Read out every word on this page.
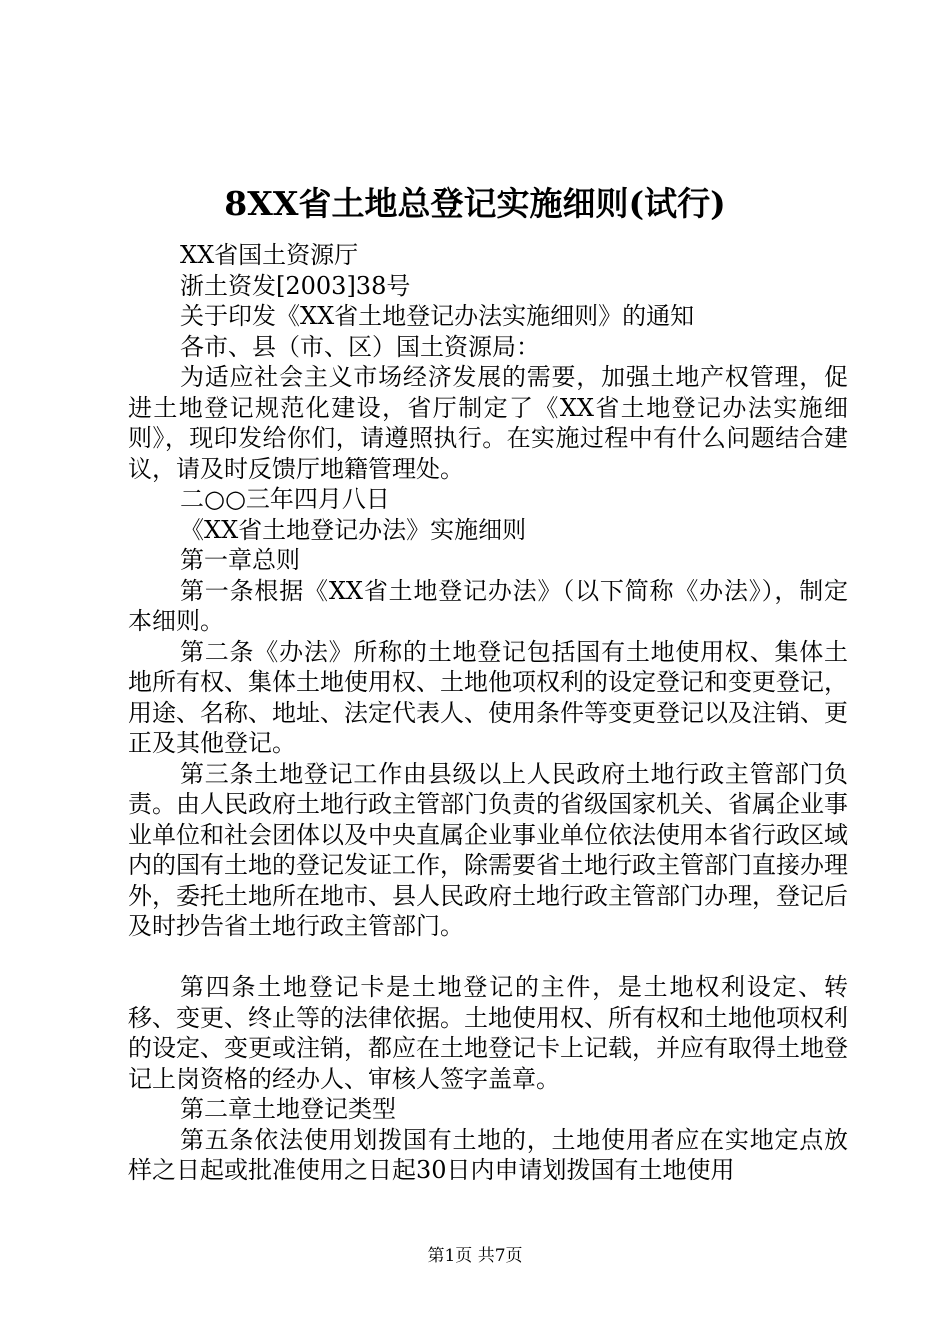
8XX省土地总登记实施细则(试行)

XX省国土资源厅

浙土资发[2003]38号

关于印发《XX省土地登记办法实施细则》的通知

各市、县（市、区）国土资源局：

为适应社会主义市场经济发展的需要，加强土地产权管理，促进土地登记规范化建设，省厅制定了《XX省土地登记办法实施细则》，现印发给你们，请遵照执行。在实施过程中有什么问题结合建议，请及时反馈厅地籍管理处。

二○○三年四月八日

《XX省土地登记办法》实施细则

第一章总则

第一条根据《XX省土地登记办法》（以下简称《办法》），制定本细则。

第二条《办法》所称的土地登记包括国有土地使用权、集体土地所有权、集体土地使用权、土地他项权利的设定登记和变更登记，用途、名称、地址、法定代表人、使用条件等变更登记以及注销、更正及其他登记。

第三条土地登记工作由县级以上人民政府土地行政主管部门负责。由人民政府土地行政主管部门负责的省级国家机关、省属企业事业单位和社会团体以及中央直属企业事业单位依法使用本省行政区域内的国有土地的登记发证工作，除需要省土地行政主管部门直接办理外，委托土地所在地市、县人民政府土地行政主管部门办理，登记后及时抄告省土地行政主管部门。

第四条土地登记卡是土地登记的主件，是土地权利设定、转移、变更、终止等的法律依据。土地使用权、所有权和土地他项权利的设定、变更或注销，都应在土地登记卡上记载，并应有取得土地登记上岗资格的经办人、审核人签字盖章。

第二章土地登记类型

第五条依法使用划拨国有土地的，土地使用者应在实地定点放样之日起或批准使用之日起30日内申请划拨国有土地使用

第1页 共7页
